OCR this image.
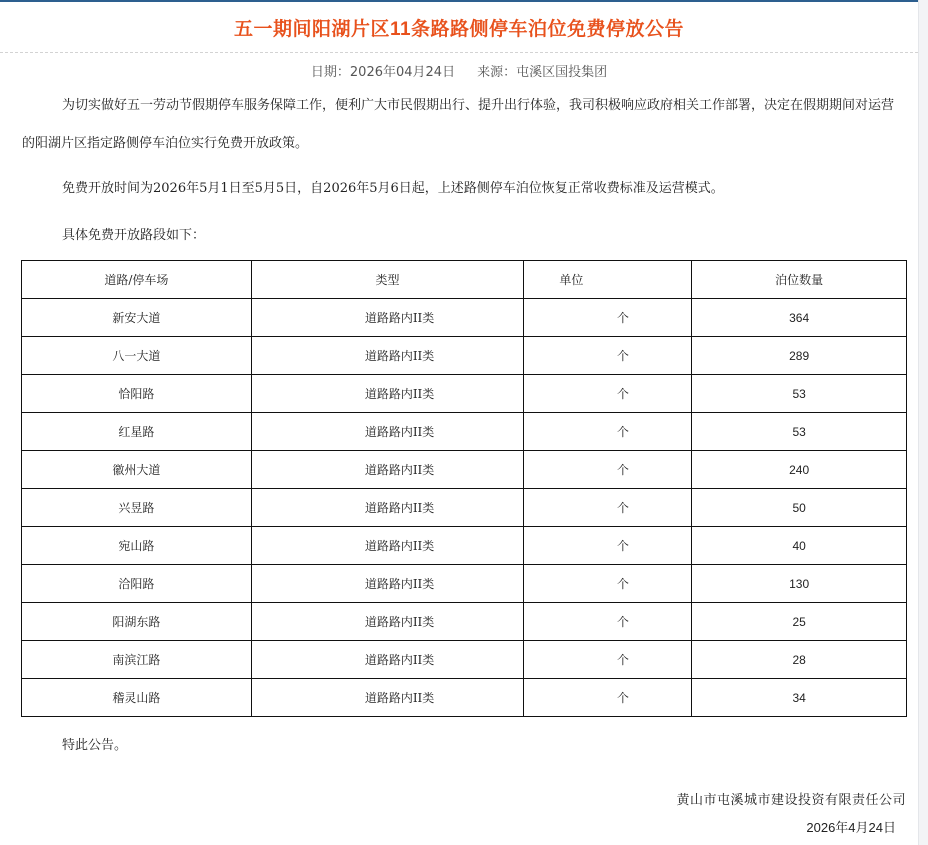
五一期间阳湖片区11条路路侧停车泊位免费停放公告
日期：2026年04月24日 来源：屯溪区国投集团
为切实做好五一劳动节假期停车服务保障工作，便利广大市民假期出行、提升出行体验，我司积极响应政府相关工作部署，决定在假期期间对运营的阳湖片区指定路侧停车泊位实行免费开放政策。
免费开放时间为2026年5月1日至5月5日，自2026年5月6日起，上述路侧停车泊位恢复正常收费标准及运营模式。
具体免费开放路段如下：
道路/停车场	类型	单位	泊位数量
新安大道	道路路内II类	个	364
八一大道	道路路内II类	个	289
恰阳路	道路路内II类	个	53
红星路	道路路内II类	个	53
徽州大道	道路路内II类	个	240
兴昱路	道路路内II类	个	50
宛山路	道路路内II类	个	40
洽阳路	道路路内II类	个	130
阳湖东路	道路路内II类	个	25
南滨江路	道路路内II类	个	28
稽灵山路	道路路内II类	个	34
特此公告。
黄山市屯溪城市建设投资有限责任公司
2026年4月24日
